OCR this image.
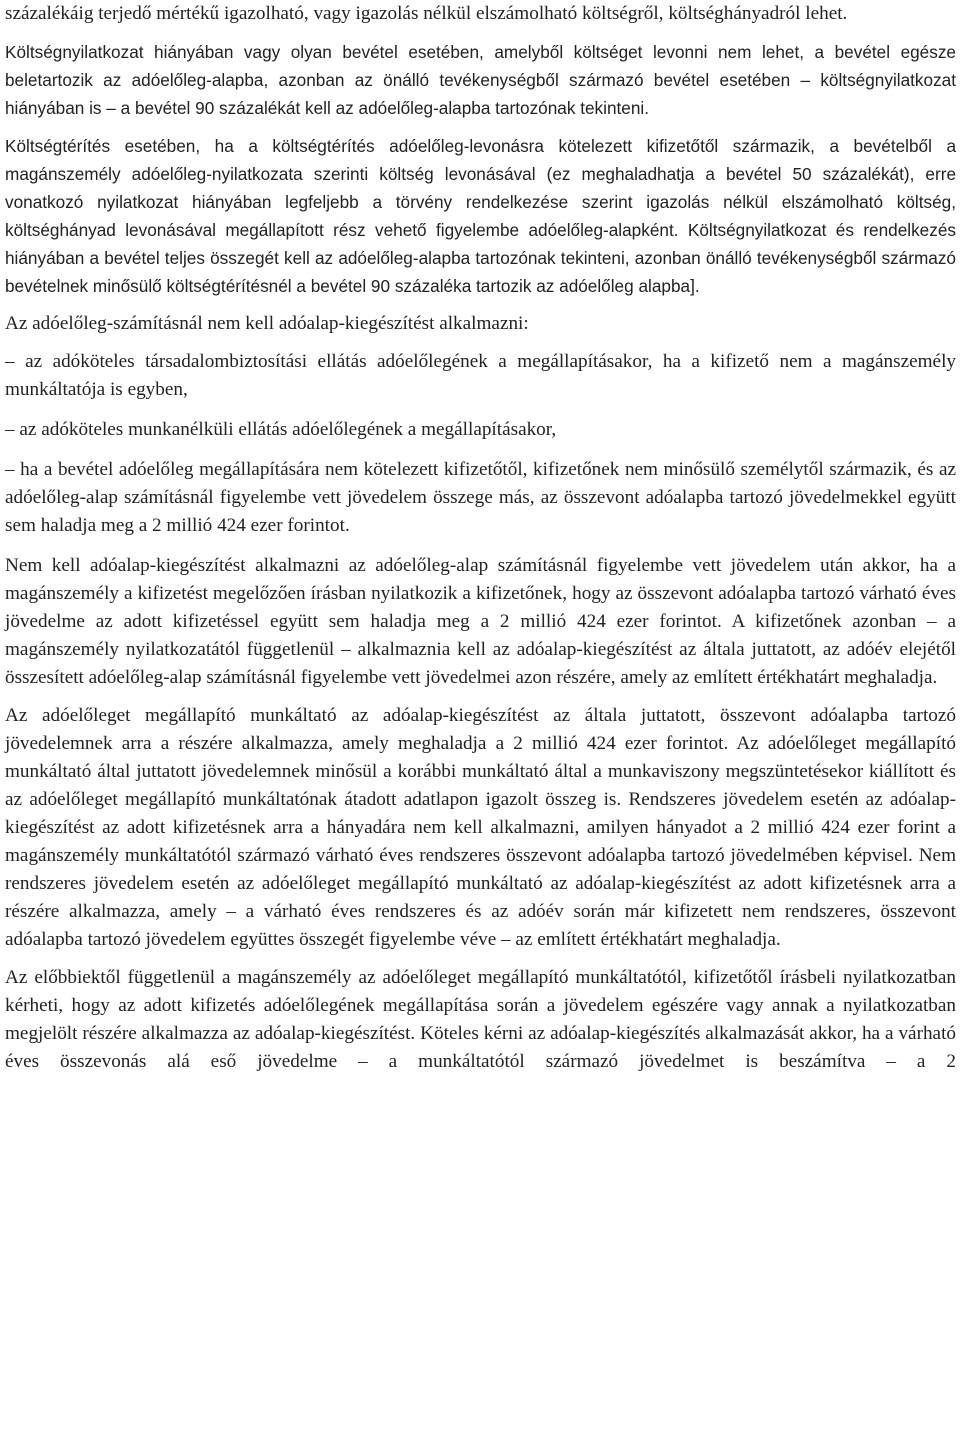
százalékáig terjedő mértékű igazolható, vagy igazolás nélkül elszámolható költségről, költséghányadról lehet.

Költségnyilatkozat hiányában vagy olyan bevétel esetében, amelyből költséget levonni nem lehet, a bevétel egésze beletartozik az adóelőleg-alapba, azonban az önálló tevékenységből származó bevétel esetében – költségnyilatkozat hiányában is – a bevétel 90 százalékát kell az adóelőleg-alapba tartozónak tekinteni.

Költségtérítés esetében, ha a költségtérítés adóelőleg-levonásra kötelezett kifizetőtől származik, a bevételből a magánszemély adóelőleg-nyilatkozata szerinti költség levonásával (ez meghaladhatja a bevétel 50 százalékát), erre vonatkozó nyilatkozat hiányában legfeljebb a törvény rendelkezése szerint igazolás nélkül elszámolható költség, költséghányad levonásával megállapított rész vehető figyelembe adóelőleg-alapként. Költségnyilatkozat és rendelkezés hiányában a bevétel teljes összegét kell az adóelőleg-alapba tartozónak tekinteni, azonban önálló tevékenységből származó bevételnek minősülő költségtérítésnél a bevétel 90 százaléka tartozik az adóelőleg alapba].

Az adóelőleg-számításnál nem kell adóalap-kiegészítést alkalmazni:

– az adóköteles társadalombiztosítási ellátás adóelőlegének a megállapításakor, ha a kifizető nem a magánszemély munkáltatója is egyben,

– az adóköteles munkanélküli ellátás adóelőlegének a megállapításakor,

– ha a bevétel adóelőleg megállapítására nem kötelezett kifizetőtől, kifizetőnek nem minősülő személytől származik, és az adóelőleg-alap számításnál figyelembe vett jövedelem összege más, az összevont adóalapba tartozó jövedelmekkel együtt sem haladja meg a 2 millió 424 ezer forintot.

Nem kell adóalap-kiegészítést alkalmazni az adóelőleg-alap számításnál figyelembe vett jövedelem után akkor, ha a magánszemély a kifizetést megelőzően írásban nyilatkozik a kifizetőnek, hogy az összevont adóalapba tartozó várható éves jövedelme az adott kifizetéssel együtt sem haladja meg a 2 millió 424 ezer forintot. A kifizetőnek azonban – a magánszemély nyilatkozatától függetlenül – alkalmaznia kell az adóalap-kiegészítést az általa juttatott, az adóév elejétől összesített adóelőleg-alap számításnál figyelembe vett jövedelmei azon részére, amely az említett értékhatárt meghaladja.

Az adóelőleget megállapító munkáltató az adóalap-kiegészítést az általa juttatott, összevont adóalapba tartozó jövedelemnek arra a részére alkalmazza, amely meghaladja a 2 millió 424 ezer forintot. Az adóelőleget megállapító munkáltató által juttatott jövedelemnek minősül a korábbi munkáltató által a munkaviszony megszüntetésekor kiállított és az adóelőleget megállapító munkáltatónak átadott adatlapon igazolt összeg is. Rendszeres jövedelem esetén az adóalap-kiegészítést az adott kifizetésnek arra a hányadára nem kell alkalmazni, amilyen hányadot a 2 millió 424 ezer forint a magánszemély munkáltatótól származó várható éves rendszeres összevont adóalapba tartozó jövedelmében képvisel. Nem rendszeres jövedelem esetén az adóelőleget megállapító munkáltató az adóalap-kiegészítést az adott kifizetésnek arra a részére alkalmazza, amely – a várható éves rendszeres és az adóév során már kifizetett nem rendszeres, összevont adóalapba tartozó jövedelem együttes összegét figyelembe véve – az említett értékhatárt meghaladja.

Az előbbiektől függetlenül a magánszemély az adóelőleget megállapító munkáltatótól, kifizetőtől írásbeli nyilatkozatban kérheti, hogy az adott kifizetés adóelőlegének megállapítása során a jövedelem egészére vagy annak a nyilatkozatban megjelölt részére alkalmazza az adóalap-kiegészítést. Köteles kérni az adóalap-kiegészítés alkalmazását akkor, ha a várható éves összevonás alá eső jövedelme – a munkáltatótól származó jövedelmet is beszámítva – a 2
